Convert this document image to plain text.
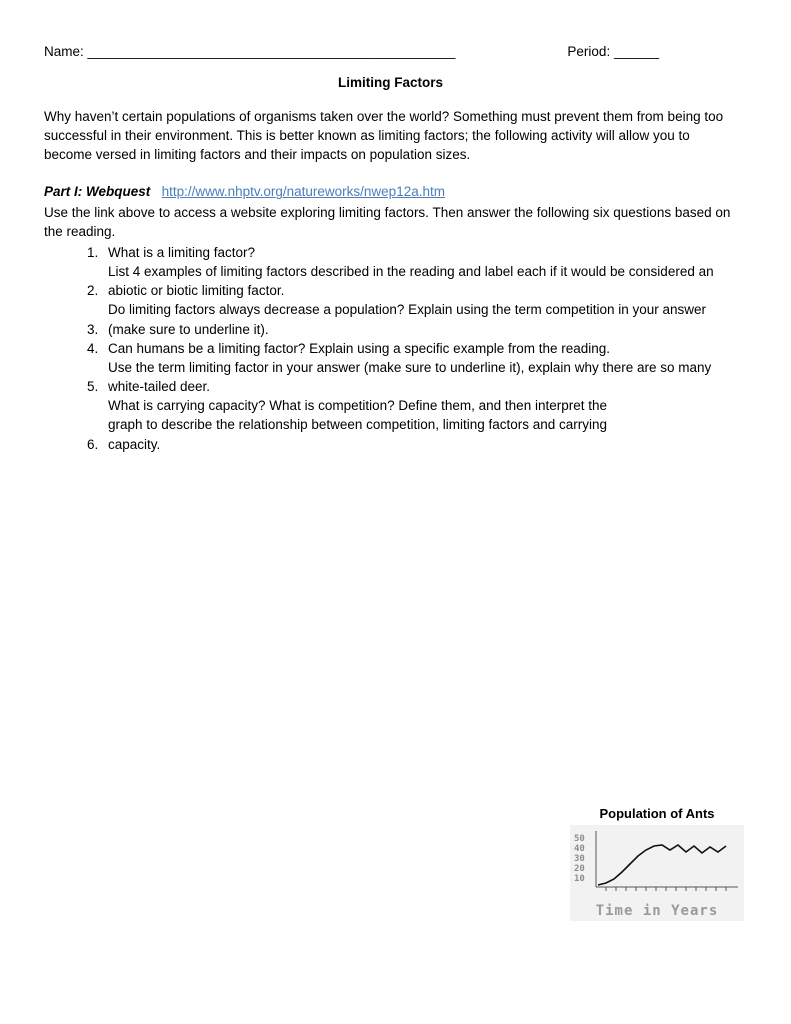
Name: _________________________________________________	Period: ______
Limiting Factors
Why haven’t certain populations of organisms taken over the world? Something must prevent them from being too successful in their environment. This is better known as limiting factors; the following activity will allow you to become versed in limiting factors and their impacts on population sizes.
Part I: Webquest http://www.nhptv.org/natureworks/nwep12a.htm
Use the link above to access a website exploring limiting factors. Then answer the following six questions based on the reading.
1. What is a limiting factor?
2. List 4 examples of limiting factors described in the reading and label each if it would be considered an abiotic or biotic limiting factor.
3. Do limiting factors always decrease a population? Explain using the term competition in your answer (make sure to underline it).
4. Can humans be a limiting factor? Explain using a specific example from the reading.
5. Use the term limiting factor in your answer (make sure to underline it), explain why there are so many white-tailed deer.
6. What is carrying capacity? What is competition? Define them, and then interpret the graph to describe the relationship between competition, limiting factors and carrying capacity.
Population of Ants
50
40
30
20
10
Time in Years
